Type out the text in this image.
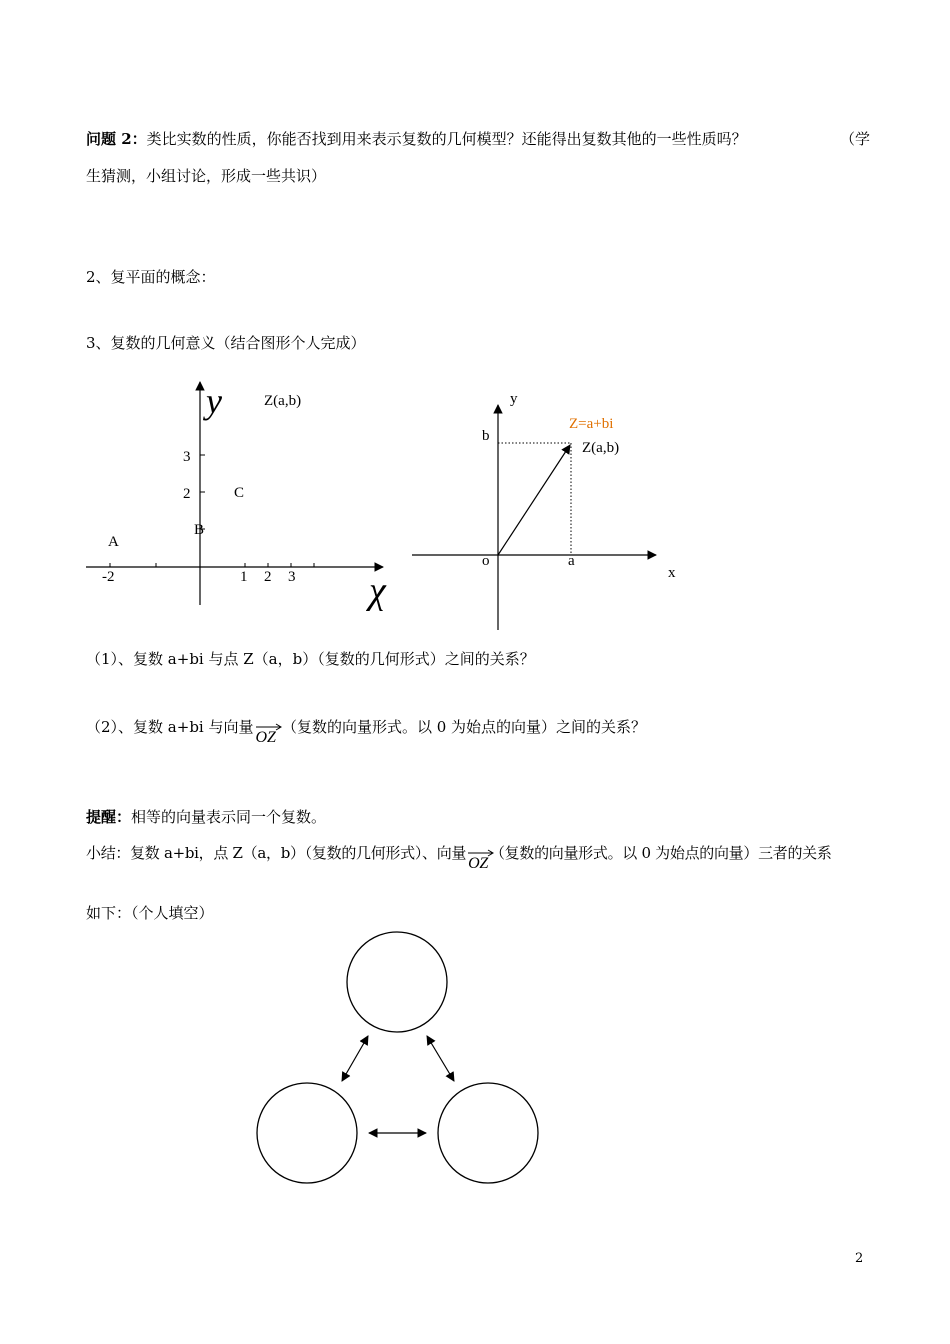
问题 2：类比实数的性质，你能否找到用来表示复数的几何模型？还能得出复数其他的一些性质吗？	（学
生猜测，小组讨论，形成一些共识）
2、复平面的概念：
3、复数的几何意义（结合图形个人完成）
y
χ
Z(a,b)
3
2
-2	1 2 3
A
B
C
y
x
o	a
b
Z=a+bi
Z(a,b)
（1）、复数 a+bi 与点 Z（a，b）（复数的几何形式）之间的关系？
（2）、复数 a+bi 与向量
OZ（复数的向量形式。以 0 为始点的向量）之间的关系？
提醒：相等的向量表示同一个复数。
小结：复数 a+bi，点 Z（a，b）（复数的几何形式）、向量
OZ（复数的向量形式。以 0 为始点的向量）三者的关系
如下：（个人填空）
2
